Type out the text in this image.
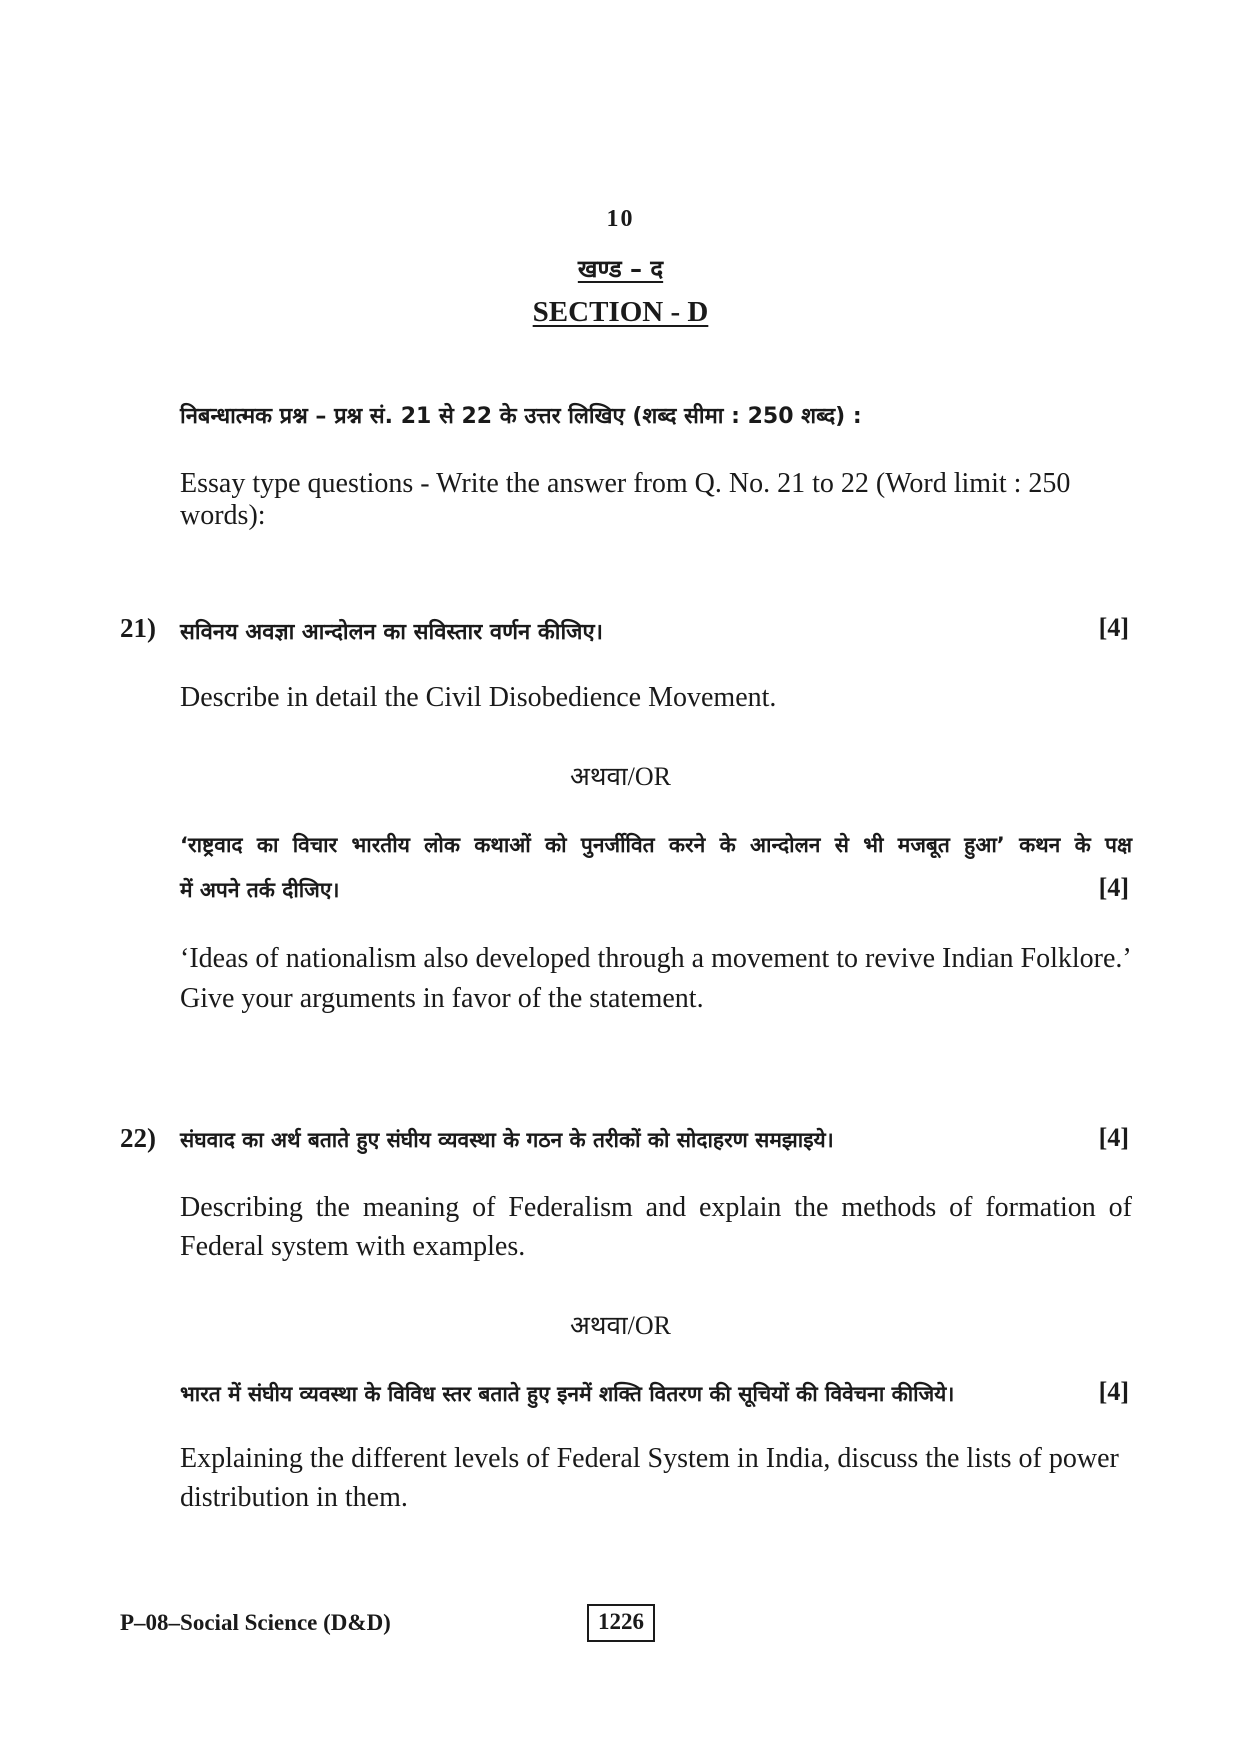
10
खण्ड – द
SECTION - D
निबन्धात्मक प्रश्न – प्रश्न सं. 21 से 22 के उत्तर लिखिए (शब्द सीमा : 250 शब्द) :
Essay type questions - Write the answer from Q. No. 21 to 22 (Word limit : 250 words):
21) सविनय अवज्ञा आन्दोलन का सविस्तार वर्णन कीजिए।	[4]
Describe in detail the Civil Disobedience Movement.
अथवा/OR
‘राष्ट्रवाद का विचार भारतीय लोक कथाओं को पुनर्जीवित करने के आन्दोलन से भी मजबूत हुआ’ कथन के पक्ष
में अपने तर्क दीजिए।	[4]
‘Ideas of nationalism also developed through a movement to revive Indian Folklore.’
Give your arguments in favor of the statement.
22) संघवाद का अर्थ बताते हुए संघीय व्यवस्था के गठन के तरीकों को सोदाहरण समझाइये।	[4]
Describing the meaning of Federalism and explain the methods of formation of
Federal system with examples.
अथवा/OR
भारत में संघीय व्यवस्था के विविध स्तर बताते हुए इनमें शक्ति वितरण की सूचियों की विवेचना कीजिये।	[4]
Explaining the different levels of Federal System in India, discuss the lists of power
distribution in them.
P–08–Social Science (D&D)	1226
